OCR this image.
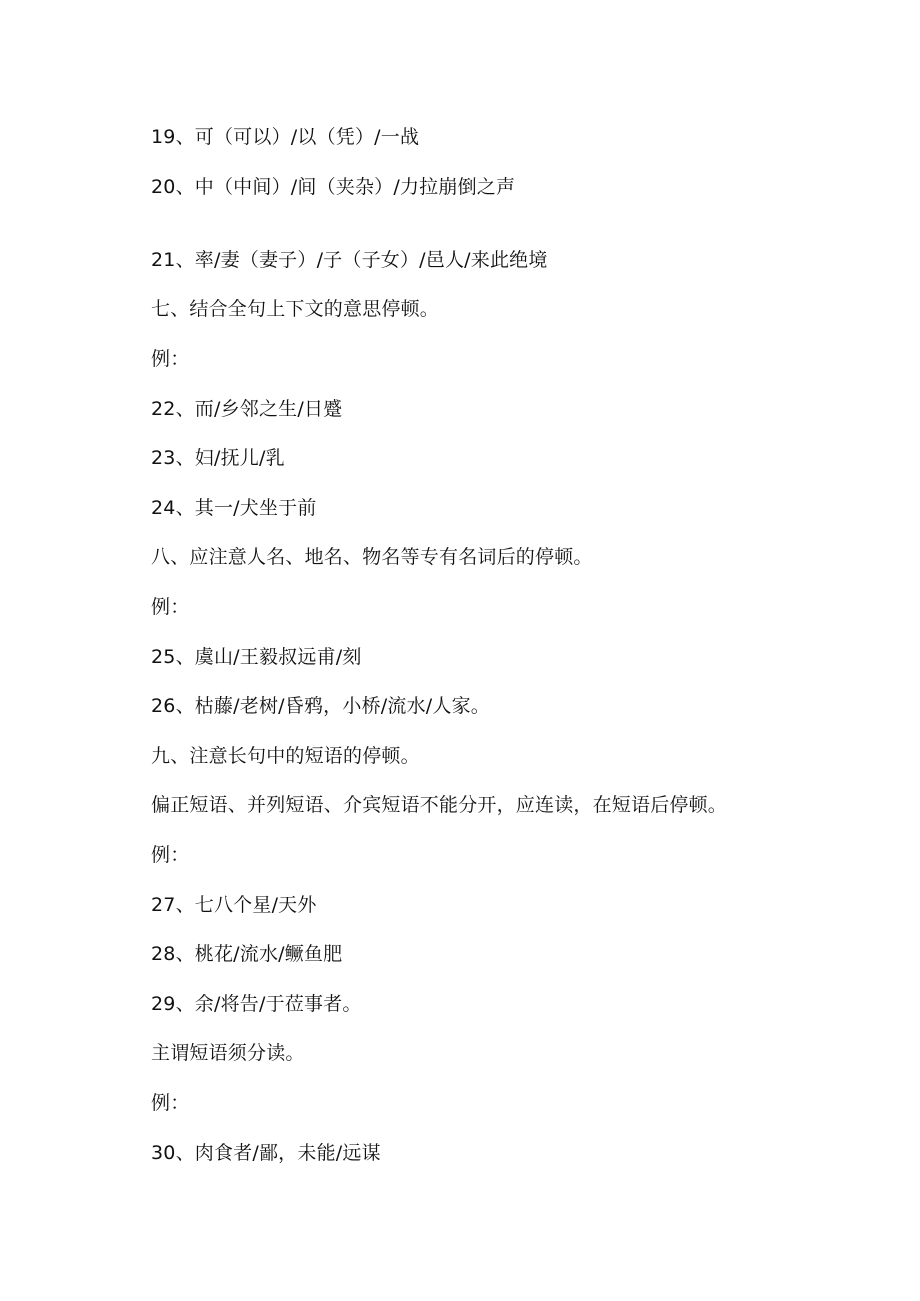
19、可（可以）/以（凭）/一战
20、中（中间）/间（夹杂）/力拉崩倒之声
21、率/妻（妻子）/子（子女）/邑人/来此绝境
七、结合全句上下文的意思停顿。
例：
22、而/乡邻之生/日蹙
23、妇/抚儿/乳
24、其一/犬坐于前
八、应注意人名、地名、物名等专有名词后的停顿。
例：
25、虞山/王毅叔远甫/刻
26、枯藤/老树/昏鸦，小桥/流水/人家。
九、注意长句中的短语的停顿。
偏正短语、并列短语、介宾短语不能分开，应连读，在短语后停顿。
例：
27、七八个星/天外
28、桃花/流水/鳜鱼肥
29、余/将告/于莅事者。
主谓短语须分读。
例：
30、肉食者/鄙，未能/远谋
